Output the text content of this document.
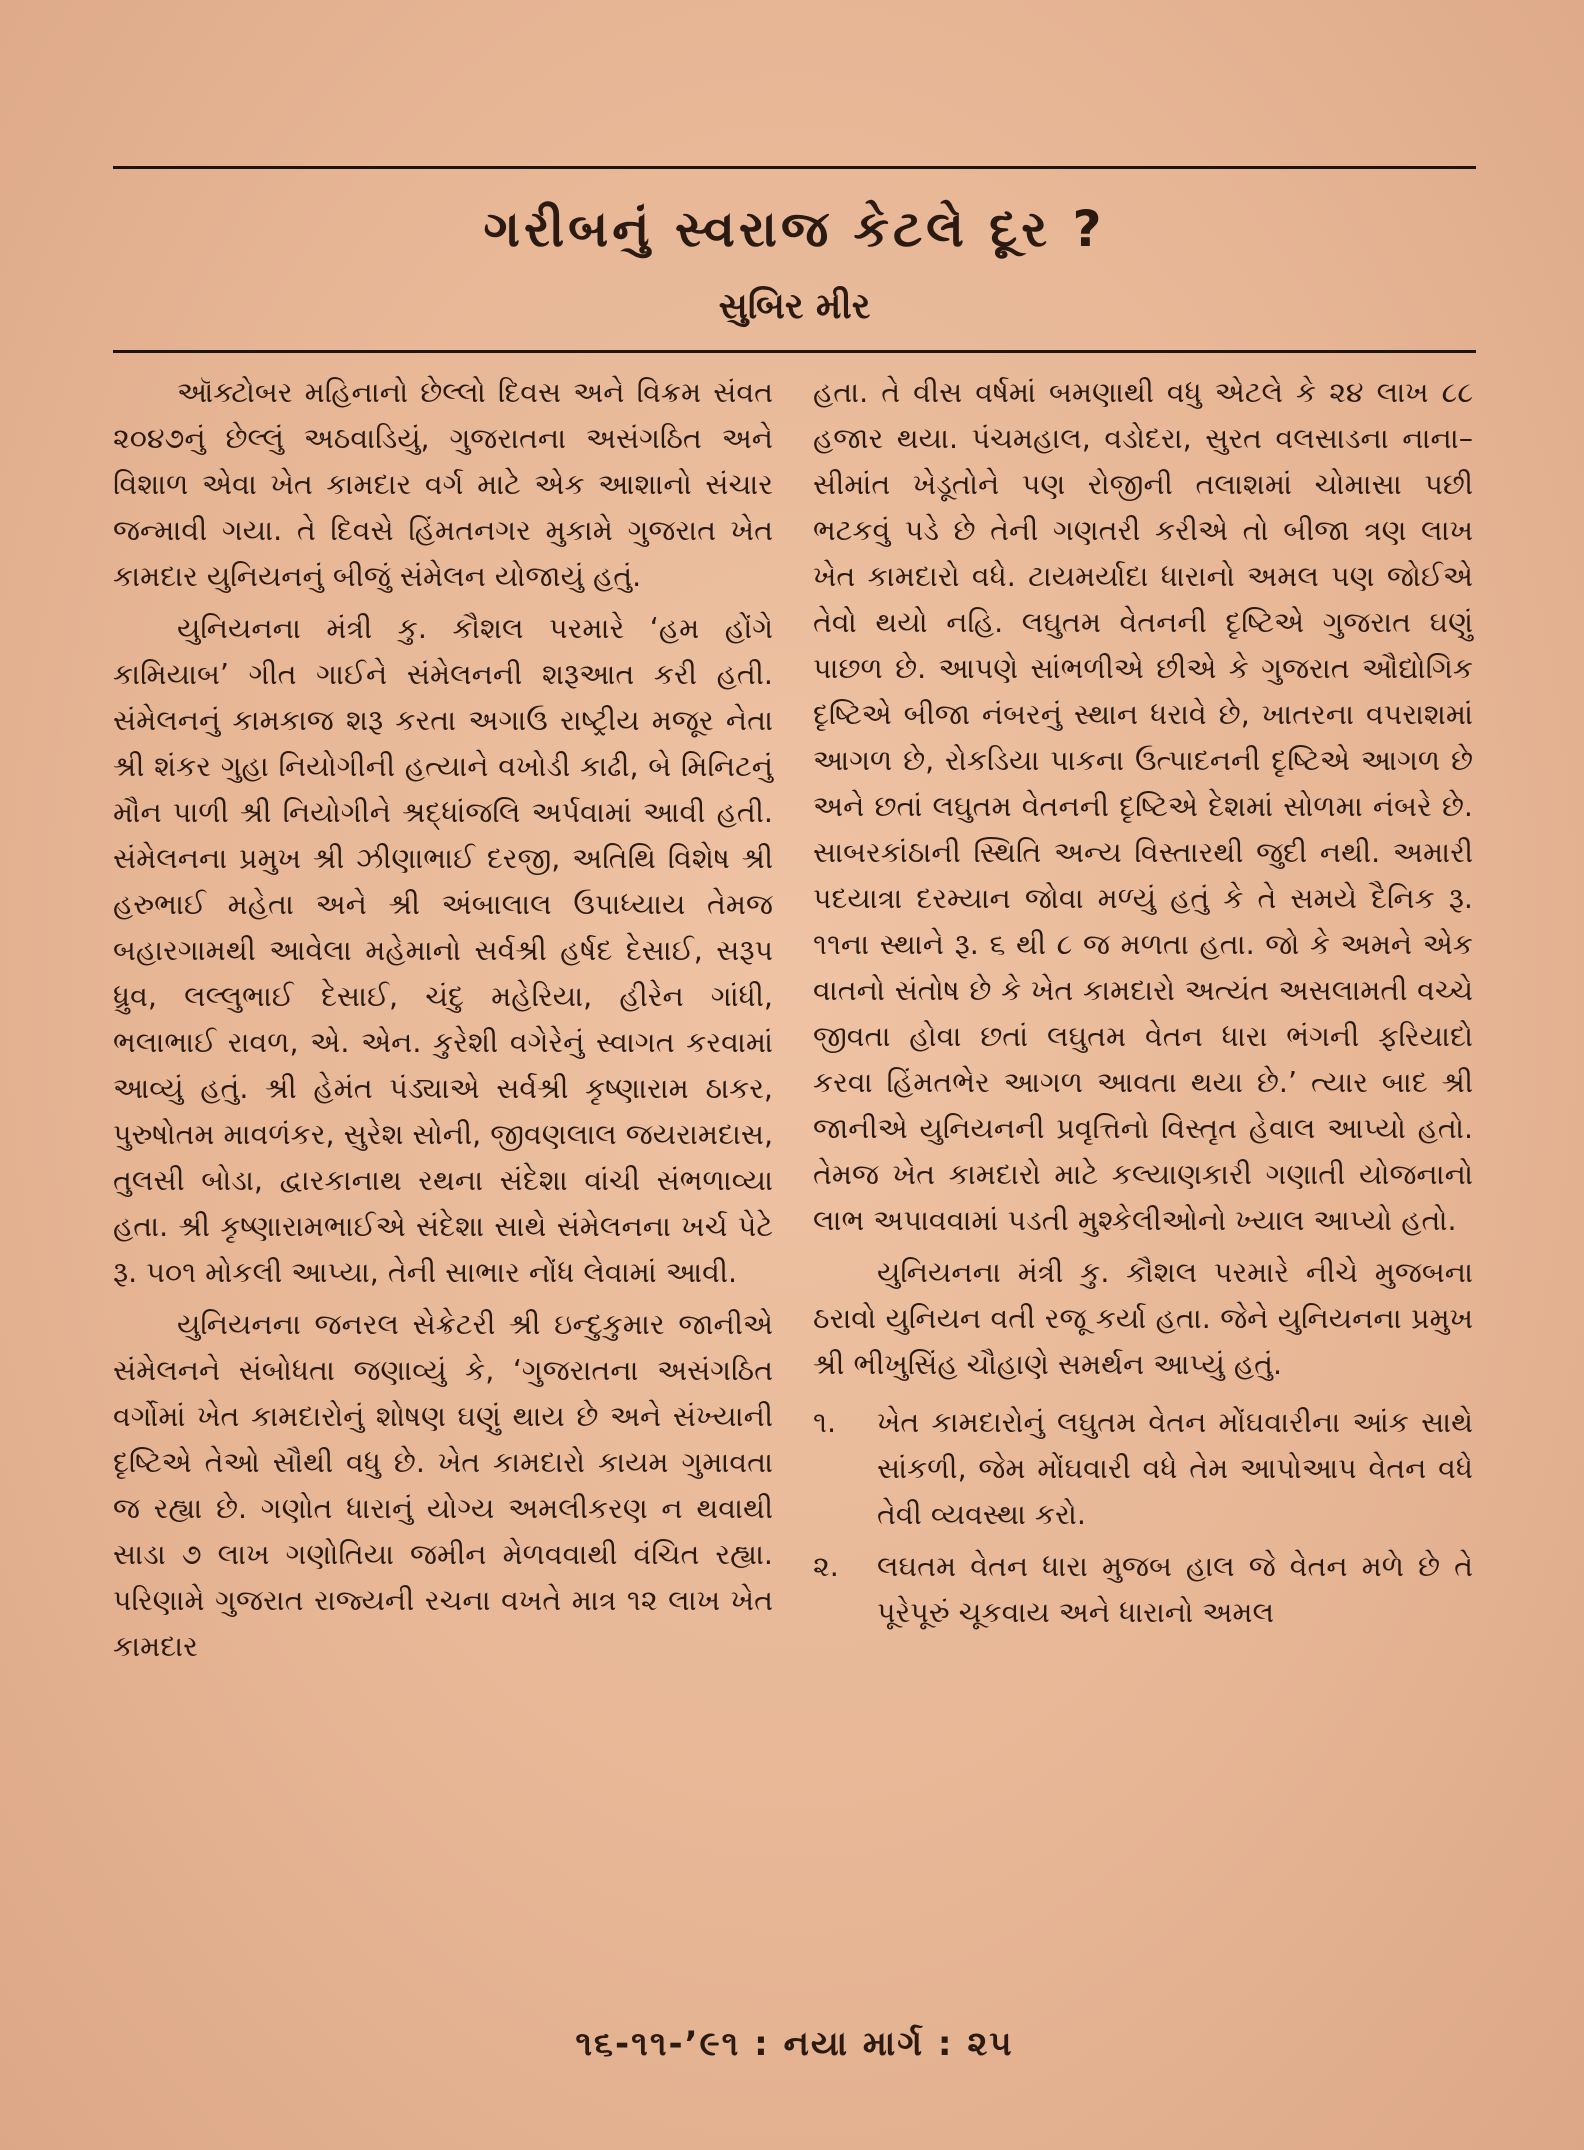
ગરીબનું સ્વરાજ કેટલે દૂર ?
સુબિર મીર

ઑક્ટોબર મહિનાનો છેલ્લો દિવસ અને વિક્રમ સંવત ૨૦૪૭નું છેલ્લું અઠવાડિયું, ગુજરાતના અસંગઠિત અને વિશાળ એવા ખેત કામદાર વર્ગ માટે એક આશાનો સંચાર જન્માવી ગયા. તે દિવસે હિંમતનગર મુકામે ગુજરાત ખેત કામદાર યુનિયનનું બીજું સંમેલન યોજાયું હતું.

યુનિયનના મંત્રી કુ. કૌશલ પરમારે ‘હમ હોંગે કામિયાબ’ ગીત ગાઈને સંમેલનની શરૂઆત કરી હતી. સંમેલનનું કામકાજ શરૂ કરતા અગાઉ રાષ્ટ્રીય મજૂર નેતા શ્રી શંકર ગુહા નિયોગીની હત્યાને વખોડી કાઢી, બે મિનિટનું મૌન પાળી શ્રી નિયોગીને શ્રદ્ધાંજલિ અર્પવામાં આવી હતી. સંમેલનના પ્રમુખ શ્રી ઝીણાભાઈ દરજી, અતિથિ વિશેષ શ્રી હરુભાઈ મહેતા અને શ્રી અંબાલાલ ઉપાધ્યાય તેમજ બહારગામથી આવેલા મહેમાનો સર્વશ્રી હર્ષદ દેસાઈ, સરૂપ ધ્રુવ, લલ્લુભાઈ દેસાઈ, ચંદુ મહેરિયા, હીરેન ગાંધી, ભલાભાઈ રાવળ, એ. એન. કુરેશી વગેરેનું સ્વાગત કરવામાં આવ્યું હતું. શ્રી હેમંત પંડ્યાએ સર્વશ્રી કૃષ્ણારામ ઠાકર, પુરુષોતમ માવળંકર, સુરેશ સોની, જીવણલાલ જયરામદાસ, તુલસી બોડા, દ્વારકાનાથ રથના સંદેશા વાંચી સંભળાવ્યા હતા. શ્રી કૃષ્ણારામભાઈએ સંદેશા સાથે સંમેલનના ખર્ચ પેટે રૂ. ૫૦૧ મોકલી આપ્યા, તેની સાભાર નોંધ લેવામાં આવી.

યુનિયનના જનરલ સેક્રેટરી શ્રી ઇન્દુકુમાર જાનીએ સંમેલનને સંબોધતા જણાવ્યું કે, ‘ગુજરાતના અસંગઠિત વર્ગોમાં ખેત કામદારોનું શોષણ ઘણું થાય છે અને સંખ્યાની દૃષ્ટિએ તેઓ સૌથી વધુ છે. ખેત કામદારો કાયમ ગુમાવતા જ રહ્યા છે. ગણોત ધારાનું યોગ્ય અમલીકરણ ન થવાથી સાડા ૭ લાખ ગણોતિયા જમીન મેળવવાથી વંચિત રહ્યા. પરિણામે ગુજરાત રાજ્યની રચના વખતે માત્ર ૧૨ લાખ ખેત કામદાર

હતા. તે વીસ વર્ષમાં બમણાથી વધુ એટલે કે ૨૪ લાખ ૮૮ હજાર થયા. પંચમહાલ, વડોદરા, સુરત વલસાડના નાના–સીમાંત ખેડૂતોને પણ રોજીની તલાશમાં ચોમાસા પછી ભટકવું પડે છે તેની ગણતરી કરીએ તો બીજા ત્રણ લાખ ખેત કામદારો વધે. ટાયમર્યાદા ધારાનો અમલ પણ જોઈએ તેવો થયો નહિ. લઘુતમ વેતનની દૃષ્ટિએ ગુજરાત ઘણું પાછળ છે. આપણે સાંભળીએ છીએ કે ગુજરાત ઔદ્યોગિક દૃષ્ટિએ બીજા નંબરનું સ્થાન ધરાવે છે, ખાતરના વપરાશમાં આગળ છે, રોકડિયા પાકના ઉત્પાદનની દૃષ્ટિએ આગળ છે અને છતાં લઘુતમ વેતનની દૃષ્ટિએ દેશમાં સોળમા નંબરે છે. સાબરકાંઠાની સ્થિતિ અન્ય વિસ્તારથી જુદી નથી. અમારી પદયાત્રા દરમ્યાન જોવા મળ્યું હતું કે તે સમયે દૈનિક રૂ. ૧૧ના સ્થાને રૂ. ૬ થી ૮ જ મળતા હતા. જો કે અમને એક વાતનો સંતોષ છે કે ખેત કામદારો અત્યંત અસલામતી વચ્ચે જીવતા હોવા છતાં લઘુતમ વેતન ધારા ભંગની ફરિયાદો કરવા હિંમતભેર આગળ આવતા થયા છે.’ ત્યાર બાદ શ્રી જાનીએ યુનિયનની પ્રવૃત્તિનો વિસ્તૃત હેવાલ આપ્યો હતો. તેમજ ખેત કામદારો માટે કલ્યાણકારી ગણાતી યોજનાનો લાભ અપાવવામાં પડતી મુશ્કેલીઓનો ખ્યાલ આપ્યો હતો.

યુનિયનના મંત્રી કુ. કૌશલ પરમારે નીચે મુજબના ઠરાવો યુનિયન વતી રજૂ કર્યા હતા. જેને યુનિયનના પ્રમુખ શ્રી ભીખુસિંહ ચૌહાણે સમર્થન આપ્યું હતું.

૧.	ખેત કામદારોનું લઘુતમ વેતન મોંઘવારીના આંક સાથે સાંકળી, જેમ મોંઘવારી વધે તેમ આપોઆપ વેતન વધે તેવી વ્યવસ્થા કરો.
૨.	લઘતમ વેતન ધારા મુજબ હાલ જે વેતન મળે છે તે પૂરેપૂરું ચૂકવાય અને ધારાનો અમલ
૧૬-૧૧-’૯૧ : નયા માર્ગ : ૨૫
